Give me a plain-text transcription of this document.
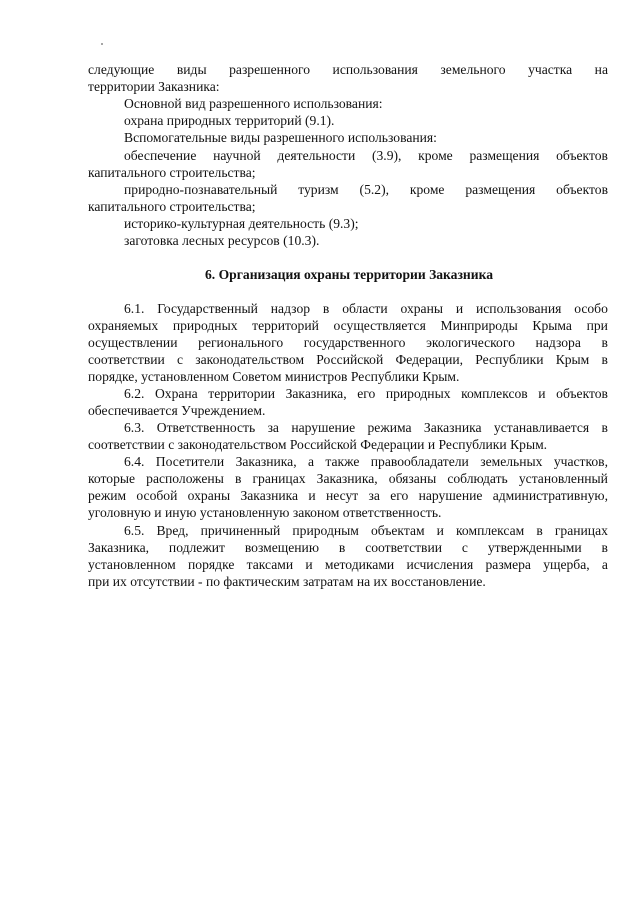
следующие виды разрешенного использования земельного участка на
территории Заказника:
Основной вид разрешенного использования:
охрана природных территорий (9.1).
Вспомогательные виды разрешенного использования:
обеспечение научной деятельности (3.9), кроме размещения объектов
капитального строительства;
природно-познавательный туризм (5.2), кроме размещения объектов
капитального строительства;
историко-культурная деятельность (9.3);
заготовка лесных ресурсов (10.3).
6. Организация охраны территории Заказника
6.1. Государственный надзор в области охраны и использования особо
охраняемых природных территорий осуществляется Минприроды Крыма при
осуществлении регионального государственного экологического надзора в
соответствии с законодательством Российской Федерации, Республики Крым в
порядке, установленном Советом министров Республики Крым.
6.2. Охрана территории Заказника, его природных комплексов и объектов
обеспечивается Учреждением.
6.3. Ответственность за нарушение режима Заказника устанавливается в
соответствии с законодательством Российской Федерации и Республики Крым.
6.4. Посетители Заказника, а также правообладатели земельных участков,
которые расположены в границах Заказника, обязаны соблюдать установленный
режим особой охраны Заказника и несут за его нарушение административную,
уголовную и иную установленную законом ответственность.
6.5. Вред, причиненный природным объектам и комплексам в границах
Заказника, подлежит возмещению в соответствии с утвержденными в
установленном порядке таксами и методиками исчисления размера ущерба, а
при их отсутствии - по фактическим затратам на их восстановление.
